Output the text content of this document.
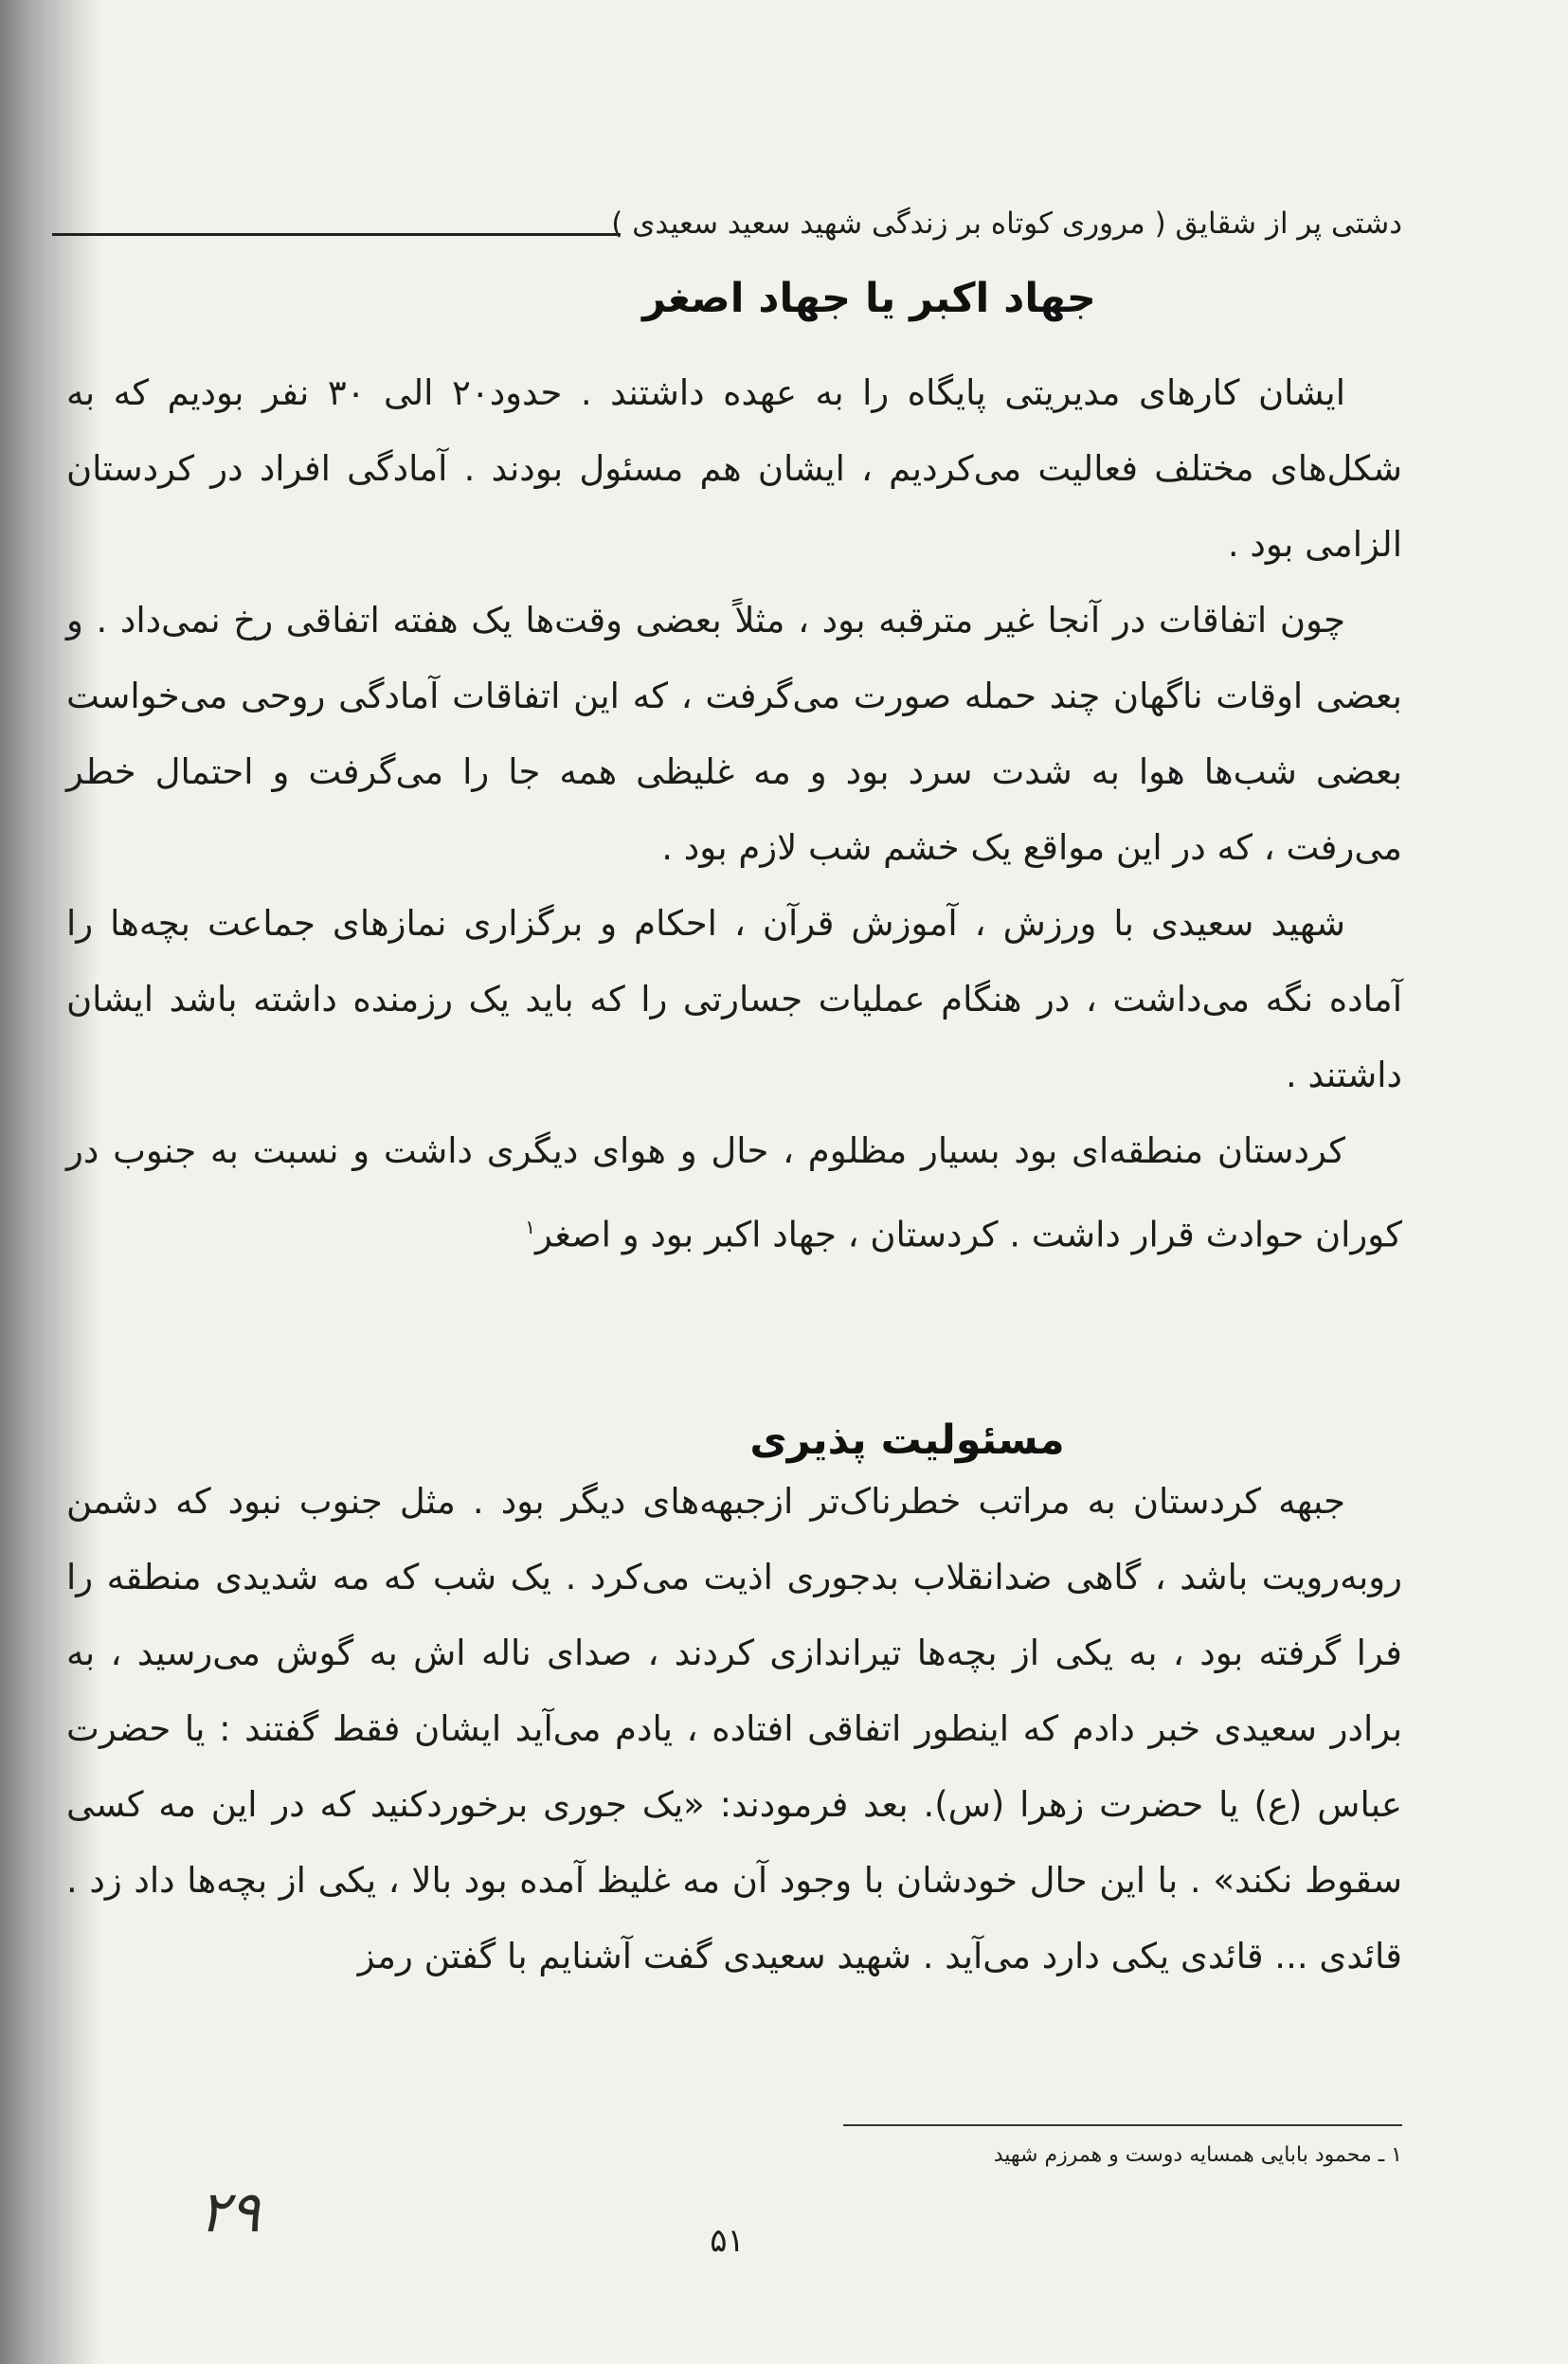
دشتی پر از شقایق ( مروری کوتاه بر زندگی شهید سعید سعیدی )
جهاد اکبر یا جهاد اصغر

ایشان کارهای مدیریتی پایگاه را به عهده داشتند . حدود۲۰ الی ۳۰ نفر بودیم که به شکل‌های مختلف فعالیت می‌کردیم ، ایشان هم مسئول بودند . آمادگی افراد در کردستان الزامی بود .

چون اتفاقات در آنجا غیر مترقبه بود ، مثلاً بعضی وقت‌ها یک هفته اتفاقی رخ نمی‌داد . و بعضی اوقات ناگهان چند حمله صورت می‌گرفت ، که این اتفاقات آمادگی روحی می‌خواست بعضی شب‌ها هوا به شدت سرد بود و مه غلیظی همه جا را می‌گرفت و احتمال خطر می‌رفت ، که در این مواقع یک خشم شب لازم بود .

شهید سعیدی با ورزش ، آموزش قرآن ، احکام و برگزاری نمازهای جماعت بچه‌ها را آماده نگه می‌داشت ، در هنگام عملیات جسارتی را که باید یک رزمنده داشته باشد ایشان داشتند .

کردستان منطقه‌ای بود بسیار مظلوم ، حال و هوای دیگری داشت و نسبت به جنوب در کوران حوادث قرار داشت . کردستان ، جهاد اکبر بود و اصغر$^۱$

مسئولیت پذیری

جبهه کردستان به مراتب خطرناک‌تر ازجبهه‌های دیگر بود . مثل جنوب نبود که دشمن روبه‌رویت باشد ، گاهی ضدانقلاب بدجوری اذیت می‌کرد . یک شب که مه شدیدی منطقه را فرا گرفته بود ، به یکی از بچه‌ها تیراندازی کردند ، صدای ناله اش به گوش می‌رسید ، به برادر سعیدی خبر دادم که اینطور اتفاقی افتاده ، یادم می‌آید ایشان فقط گفتند : یا حضرت عباس (ع) یا حضرت زهرا (س). بعد فرمودند: «یک جوری برخوردکنید که در این مه کسی سقوط نکند» . با این حال خودشان با وجود آن مه غلیظ آمده بود بالا ، یکی از بچه‌ها داد زد . قائدی ... قائدی یکی دارد می‌آید . شهید سعیدی گفت آشنایم با گفتن رمز

۱ ـ محمود بابایی همسایه دوست و همرزم شهید
۲۹	۵۱
